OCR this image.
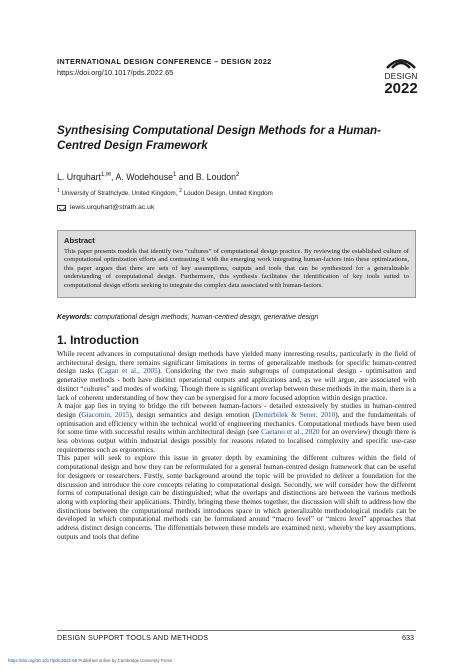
INTERNATIONAL DESIGN CONFERENCE – DESIGN 2022
https://doi.org/10.1017/pds.2022.65	DESIGN
2022
Synthesising Computational Design Methods for a Human-Centred Design Framework
L. Urquhart$^{1,✉}$, A. Wodehouse$^1$ and B. Loudon$^2$
$^1$ University of Strathclyde, United Kingdom, $^2$ Loudon Design, United Kingdom
lewis.urquhart@strath.ac.uk
Abstract

This paper presents models that identify two “cultures” of computational design practice. By reviewing the established culture of computational optimization efforts and contrasting it with the emerging work integrating human-factors into these optimizations, this paper argues that there are sets of key assumptions, outputs and tools that can be synthesized for a generalizable understanding of computational design. Furthermore, this synthesis facilitates the identification of key tools suited to computational design efforts seeking to integrate the complex data associated with human-factors.

Keywords: computational design methods, human-centred design, generative design
1. Introduction

While recent advances in computational design methods have yielded many interesting results, particularly in the field of architectural design, there remains significant limitations in terms of generalizable methods for specific human-centred design tasks (Cagan et al., 2005). Considering the two main subgroups of computational design - optimisation and generative methods - both have distinct operational outputs and applications and, as we will argue, are associated with distinct “cultures” and modes of working. Though there is significant overlap between these methods in the main, there is a lack of coherent understanding of how they can be synergised for a more focused adoption within design practice.

A major gap lies in trying to bridge the rift between human-factors - detailed extensively by studies in human-centred design (Giacomin, 2015), design semantics and design emotion (Demirbilek & Sener, 2010), and the fundamentals of optimisation and efficiency within the technical world of engineering mechanics. Computational methods have been used for some time with successful results within architectural design (see Caetano et al., 2020 for an overview) though there is less obvious output within industrial design possibly for reasons related to localised complexity and specific use-case requirements such as ergonomics.

This paper will seek to explore this issue in greater depth by examining the different cultures within the field of computational design and how they can be reformulated for a general human-centred design framework that can be useful for designers or researchers. Firstly, some background around the topic will be provided to deliver a foundation for the discussion and introduce the core concepts relating to computational design. Secondly, we will consider how the different forms of computational design can be distinguished; what the overlaps and distinctions are between the various methods along with exploring their applications. Thirdly, bringing these themes together, the discussion will shift to address how the distinctions between the computational methods introduces space in which generalizable methodological models can be developed in which computational methods can be formulated around “macro level” or “micro level” approaches that address distinct design concerns. The differentials between these models are examined next, whereby the key assumptions, outputs and tools that define

DESIGN SUPPORT TOOLS AND METHODS	633
https://doi.org/10.1017/pds.2022.65 Published online by Cambridge University Press
